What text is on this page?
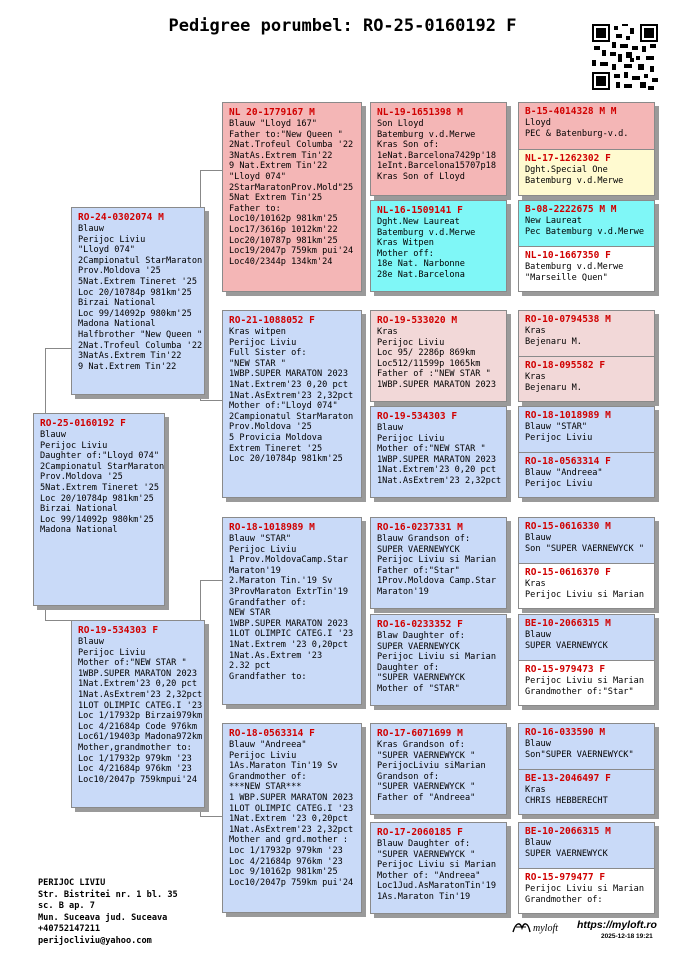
Pedigree porumbel: RO-25-0160192 F
RO-25-0160192 F
Blauw
Perijoc Liviu
Daughter of:"Lloyd 074"
2Campionatul StarMaraton
Prov.Moldova '25
5Nat.Extrem Tineret '25
Loc 20/10784p 981km'25
Birzai National
Loc 99/14092p 980km'25
Madona National
RO-24-0302074 M
Blauw
Perijoc Liviu
"Lloyd 074"
2Campionatul StarMaraton
Prov.Moldova '25
5Nat.Extrem Tineret '25
Loc 20/10784p 981km'25
Birzai National
Loc 99/14092p 980km'25
Madona National
Halfbrother "New Queen "
2Nat.Trofeul Columba '22
3NatAs.Extrem Tin'22
9 Nat.Extrem Tin'22
RO-19-534303 F
Blauw
Perijoc Liviu
Mother of:"NEW STAR "
1WBP.SUPER MARATON 2023
1Nat.Extrem'23 0,20 pct
1Nat.AsExtrem'23 2,32pct
1LOT OLIMPIC CATEG.I '23
Loc 1/17932p Birzai979km
Loc 4/21684p Code 976km
Loc61/19403p Madona972km
Mother,grandmother to:
Loc 1/17932p 979km '23
Loc 4/21684p 976km '23
Loc10/2047p 759kmpui'24
NL 20-1779167 M
Blauw "Lloyd 167"
Father to:"New Queen "
2Nat.Trofeul Columba '22
3NatAs.Extrem Tin'22
9 Nat.Extrem Tin'22
"Lloyd 074"
2StarMaratonProv.Mold"25
5Nat Extrem Tin'25
Father to:
Loc10/10162p 981km'25
Loc17/3616p 1012km'22
Loc20/10787p 981km'25
Loc19/2047p 759km pui'24
Loc40/2344p 134km'24
RO-21-1088052 F
Kras witpen
Perijoc Liviu
Full Sister of:
"NEW STAR "
1WBP.SUPER MARATON 2023
1Nat.Extrem'23 0,20 pct
1Nat.AsExtrem'23 2,32pct
Mother of:"Lloyd 074"
2Campionatul StarMaraton
Prov.Moldova '25
5 Provicia Moldova
Extrem Tineret '25
Loc 20/10784p 981km'25
RO-18-1018989 M
Blauw "STAR"
Perijoc Liviu
1 Prov.MoldovaCamp.Star
Maraton'19
2.Maraton Tin.'19 Sv
3ProvMaraton ExtrTin'19
Grandfather of:
NEW STAR
1WBP.SUPER MARATON 2023
1LOT OLIMPIC CATEG.I '23
1Nat.Extrem '23 0,20pct
1Nat.As.Extrem '23
2.32 pct
Grandfather to:
RO-18-0563314 F
Blauw "Andreea"
Perijoc Liviu
1As.Maraton Tin'19 Sv
Grandmother of:
***NEW STAR***
1 WBP.SUPER MARATON 2023
1LOT OLIMPIC CATEG.I '23
1Nat.Extrem '23 0,20pct
1Nat.AsExtrem'23 2,32pct
Mother and grd.mother :
Loc 1/17932p 979km '23
Loc 4/21684p 976km '23
Loc 9/10162p 981km'25
Loc10/2047p 759km pui'24
NL-19-1651398 M
Son Lloyd
Batemburg v.d.Merwe
Kras Son of:
1eNat.Barcelona7429p'18
1eInt.Barcelona15707p18
Kras Son of Lloyd
NL-16-1509141 F
Dght.New Laureat
Batemburg v.d.Merwe
Kras Witpen
Mother off:
18e Nat. Narbonne
28e Nat.Barcelona
RO-19-533020 M
Kras
Perijoc Liviu
Loc 95/ 2286p 869km
Loc512/11599p 1065km
Father of :"NEW STAR "
1WBP.SUPER MARATON 2023
RO-19-534303 F
Blauw
Perijoc Liviu
Mother of:"NEW STAR "
1WBP.SUPER MARATON 2023
1Nat.Extrem'23 0,20 pct
1Nat.AsExtrem'23 2,32pct
RO-16-0237331 M
Blauw Grandson of:
SUPER VAERNEWYCK
Perijoc Liviu si Marian
Father of:"Star"
1Prov.Moldova Camp.Star
Maraton'19
RO-16-0233352 F
Blaw Daughter of:
SUPER VAERNEWYCK
Perijoc Liviu si Marian
Daughter of:
"SUPER VAERNEWYCK
Mother of "STAR"
RO-17-6071699 M
Kras Grandson of:
"SUPER VAERNEWYCK "
PerijocLiviu siMarian
Grandson of:
"SUPER VAERNEWYCK "
Father of "Andreea"
RO-17-2060185 F
Blauw Daughter of:
"SUPER VAERNEWYCK "
Perijoc Liviu si Marian
Mother of: "Andreea"
Loc1Jud.AsMaratonTin'19
1As.Maraton Tin'19
B-15-4014328 M M
Lloyd
PEC & Batenburg-v.d.
NL-17-1262302 F
Dght.Special One
Batemburg v.d.Merwe
B-08-2222675 M M
New Laureat
Pec Batemburg v.d.Merwe
NL-10-1667350 F
Batemburg v.d.Merwe
"Marseille Quen"
RO-10-0794538 M
Kras
Bejenaru M.
RO-18-095582 F
Kras
Bejenaru M.
RO-18-1018989 M
Blauw "STAR"
Perijoc Liviu
RO-18-0563314 F
Blauw "Andreea"
Perijoc Liviu
RO-15-0616330 M
Blauw
Son "SUPER VAERNEWYCK "
RO-15-0616370 F
Kras
Perijoc Liviu si Marian
BE-10-2066315 M
Blauw
SUPER VAERNEWYCK
RO-15-979473 F
Perijoc Liviu si Marian
Grandmother of:"Star"
RO-16-033590 M
Blauw
Son"SUPER VAERNEWYCK"
BE-13-2046497 F
Kras
CHRIS HEBBERECHT
BE-10-2066315 M
Blauw
SUPER VAERNEWYCK
RO-15-979477 F
Perijoc Liviu si Marian
Grandmother of:
PERIJOC LIVIU
Str. Bistritei nr. 1 bl. 35
sc. B ap. 7
Mun. Suceava jud. Suceava
+40752147211
perijocliviu@yahoo.com
myloft https://myloft.ro
2025-12-18 19:21
